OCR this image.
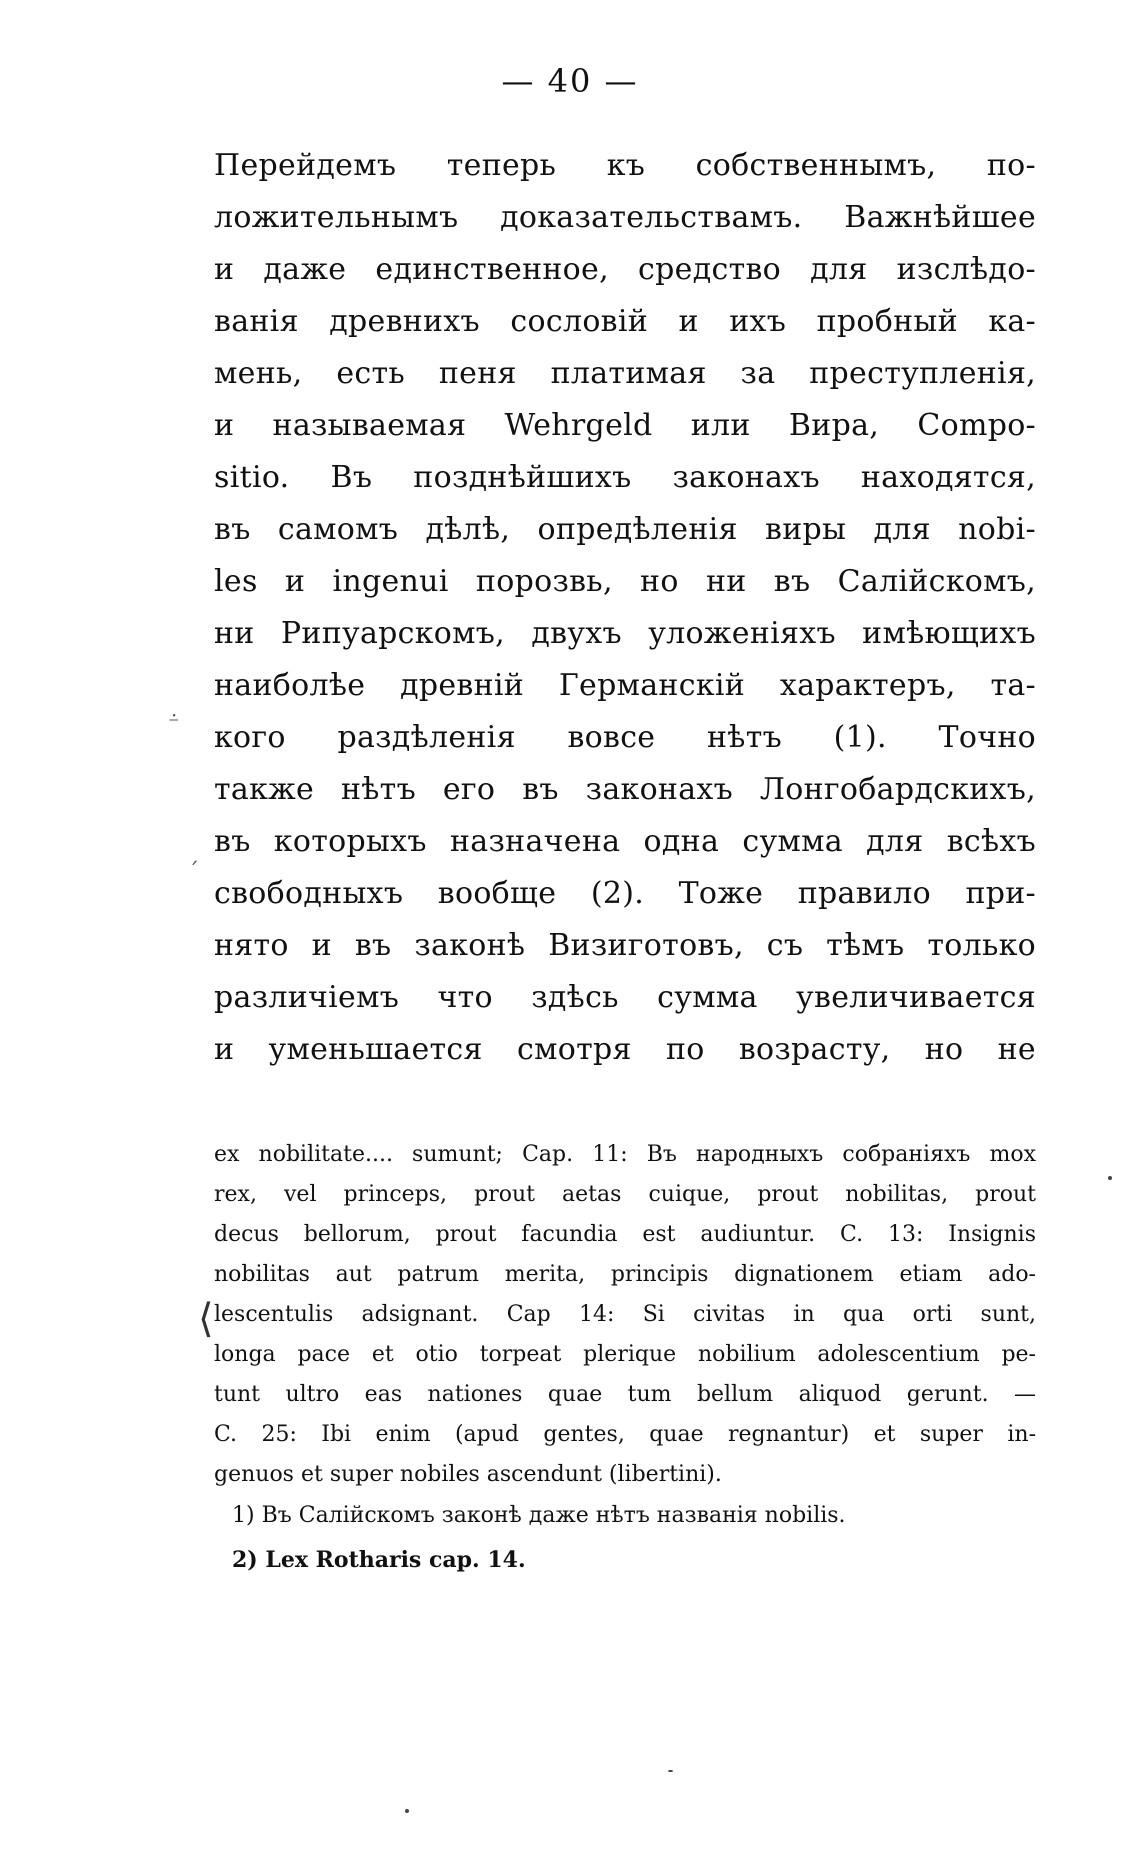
— 40 —
Перейдемъ теперь къ собственнымъ, по-
ложительнымъ доказательствамъ. Важнѣйшее
и даже единственное, средство для изслѣдо-
ванія древнихъ сословій и ихъ пробный ка-
мень, есть пеня платимая за преступленія,
и называемая Wehrgeld или Вира, Compo-
sitio. Въ позднѣйшихъ законахъ находятся,
въ самомъ дѣлѣ, опредѣленія виры для nobi-
les и ingenui порозвь, но ни въ Салійскомъ,
ни Рипуарскомъ, двухъ уложеніяхъ имѣющихъ
наиболѣе древній Германскій характеръ, та-
кого раздѣленія вовсе нѣтъ (1). Точно
также нѣтъ его въ законахъ Лонгобардскихъ,
въ которыхъ назначена одна сумма для всѣхъ
свободныхъ вообще (2). Тоже правило при-
нято и въ законѣ Визиготовъ, съ тѣмъ только
различіемъ что здѣсь сумма увеличивается
и уменьшается смотря по возрасту, но не
ex nobilitate.... sumunt; Cap. 11: Въ народныхъ собраніяхъ mox
rex, vel princeps, prout aetas cuique, prout nobilitas, prout
decus bellorum, prout facundia est audiuntur. C. 13: Insignis
nobilitas aut patrum merita, principis dignationem etiam ado-
lescentulis adsignant. Cap 14: Si civitas in qua orti sunt,
longa pace et otio torpeat plerique nobilium adolescentium pe-
tunt ultro eas nationes quae tum bellum aliquod gerunt. —
C. 25: Ibi enim (apud gentes, quae regnantur) et super in-
genuos et super nobiles ascendunt (libertini).
1) Въ Салійскомъ законѣ даже нѣтъ названія nobilis.
2) Lex Rotharis cap. 14.
⁻̇
ˊ
⟨
